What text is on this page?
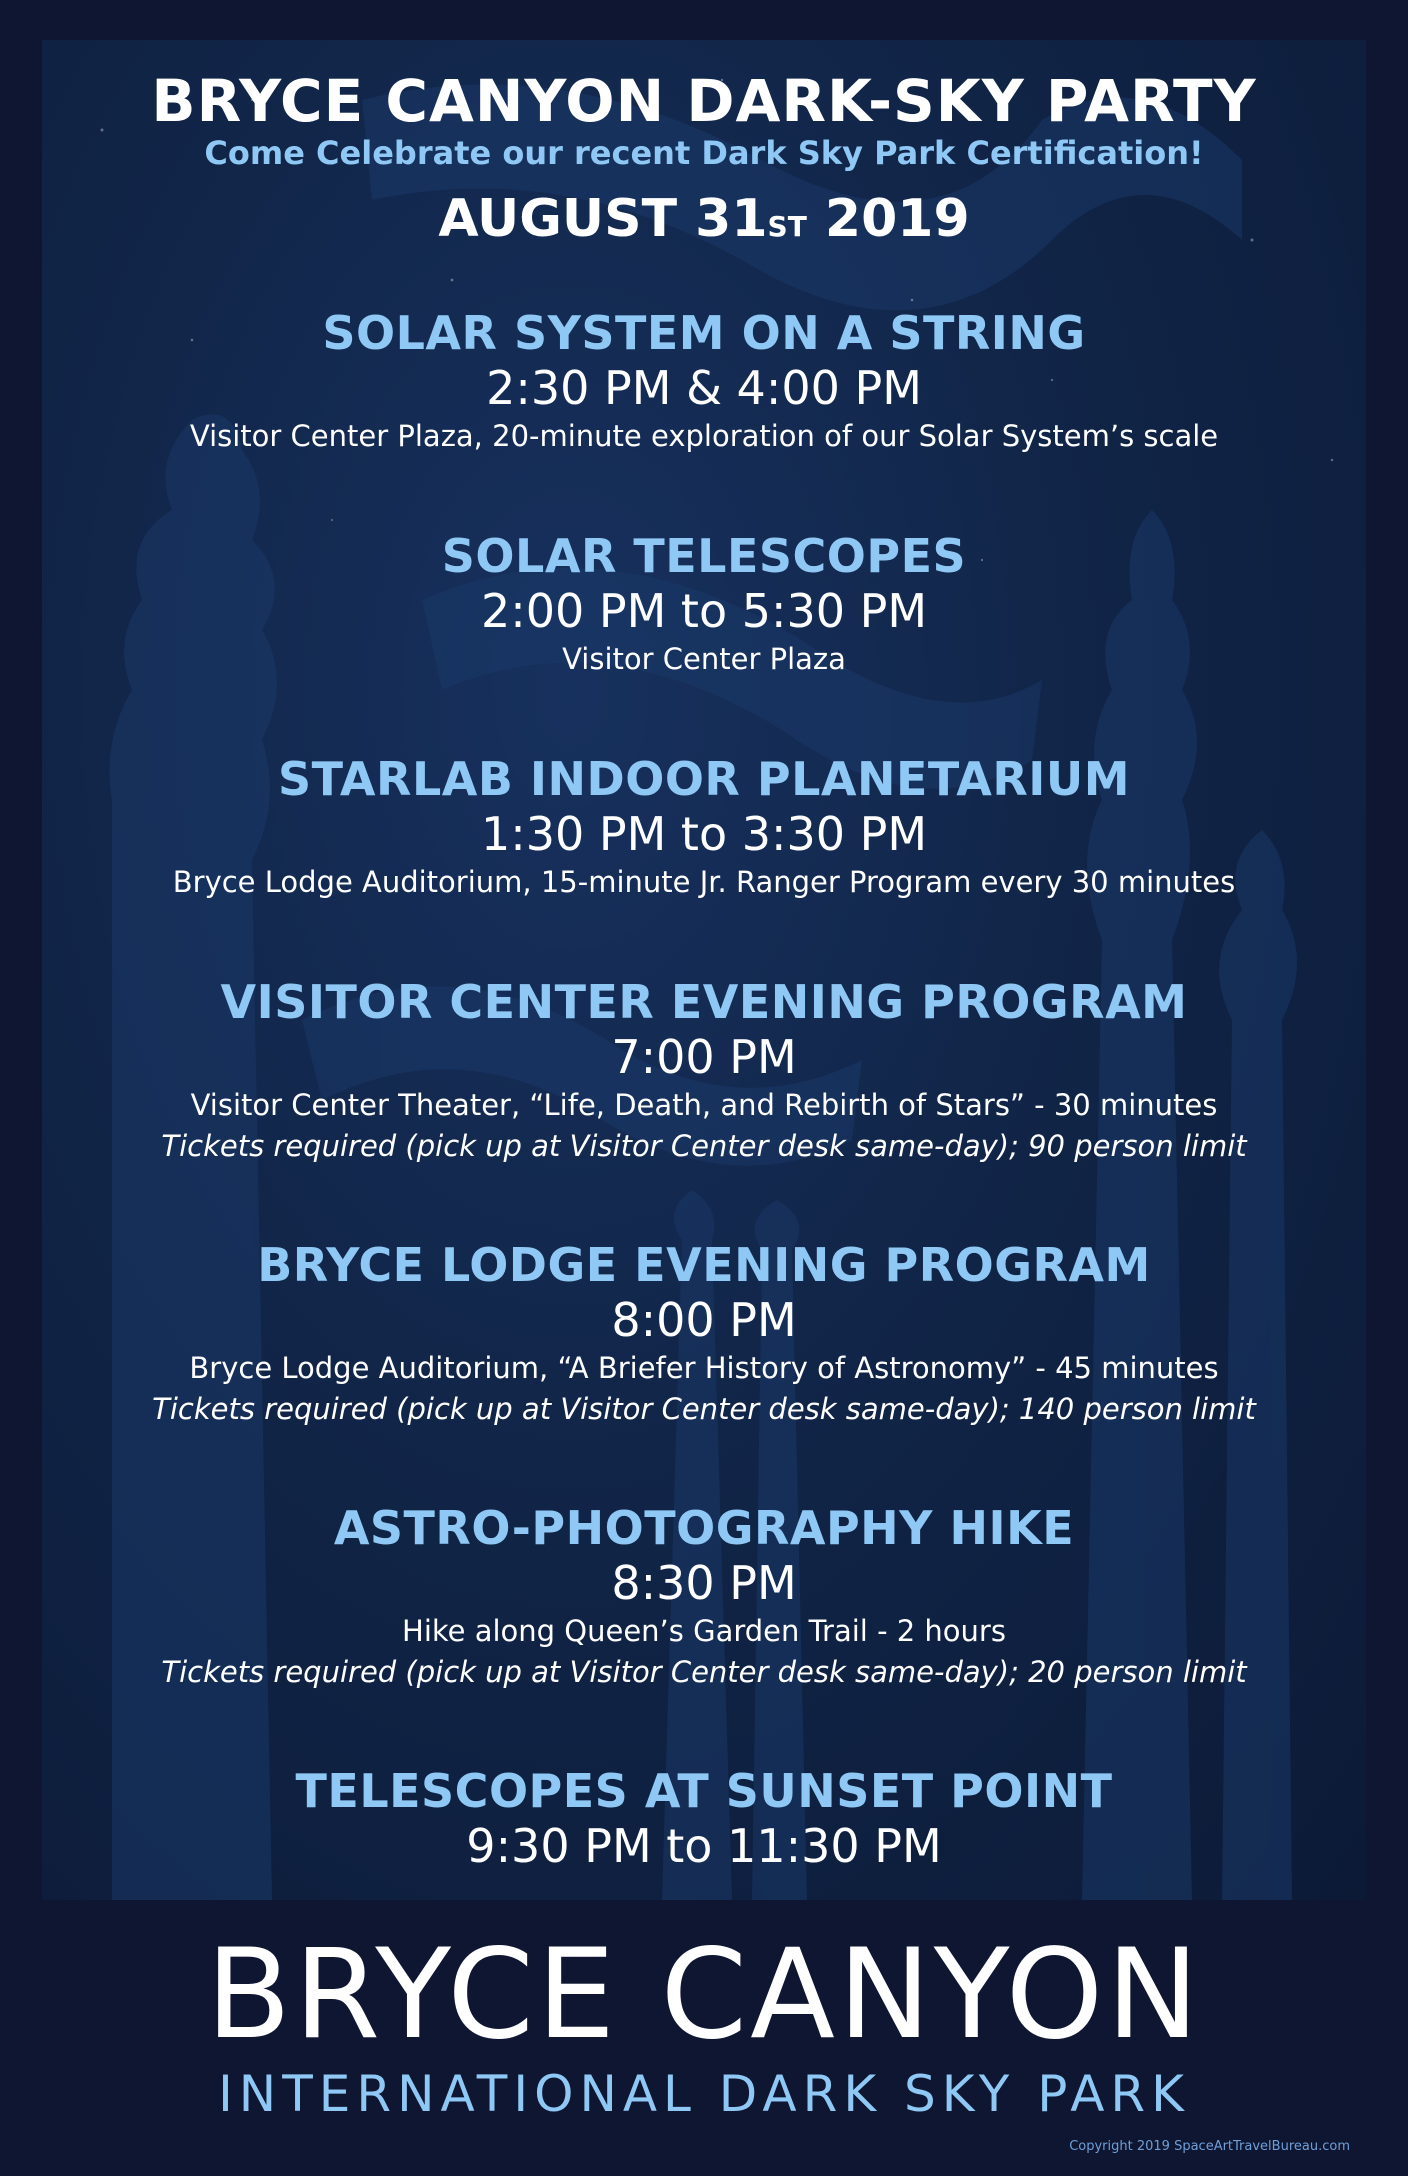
BRYCE CANYON DARK-SKY PARTY

Come Celebrate our recent Dark Sky Park Certification!

AUGUST 31ST 2019

SOLAR SYSTEM ON A STRING

2:30 PM & 4:00 PM

Visitor Center Plaza, 20-minute exploration of our Solar System’s scale

SOLAR TELESCOPES

2:00 PM to 5:30 PM

Visitor Center Plaza

STARLAB INDOOR PLANETARIUM

1:30 PM to 3:30 PM

Bryce Lodge Auditorium, 15-minute Jr. Ranger Program every 30 minutes

VISITOR CENTER EVENING PROGRAM

7:00 PM

Visitor Center Theater, “Life, Death, and Rebirth of Stars” - 30 minutes

Tickets required (pick up at Visitor Center desk same-day); 90 person limit

BRYCE LODGE EVENING PROGRAM

8:00 PM

Bryce Lodge Auditorium, “A Briefer History of Astronomy” - 45 minutes

Tickets required (pick up at Visitor Center desk same-day); 140 person limit

ASTRO-PHOTOGRAPHY HIKE

8:30 PM

Hike along Queen’s Garden Trail - 2 hours

Tickets required (pick up at Visitor Center desk same-day); 20 person limit

TELESCOPES AT SUNSET POINT

9:30 PM to 11:30 PM

BRYCE CANYON

INTERNATIONAL DARK SKY PARK

Copyright 2019 SpaceArtTravelBureau.com
